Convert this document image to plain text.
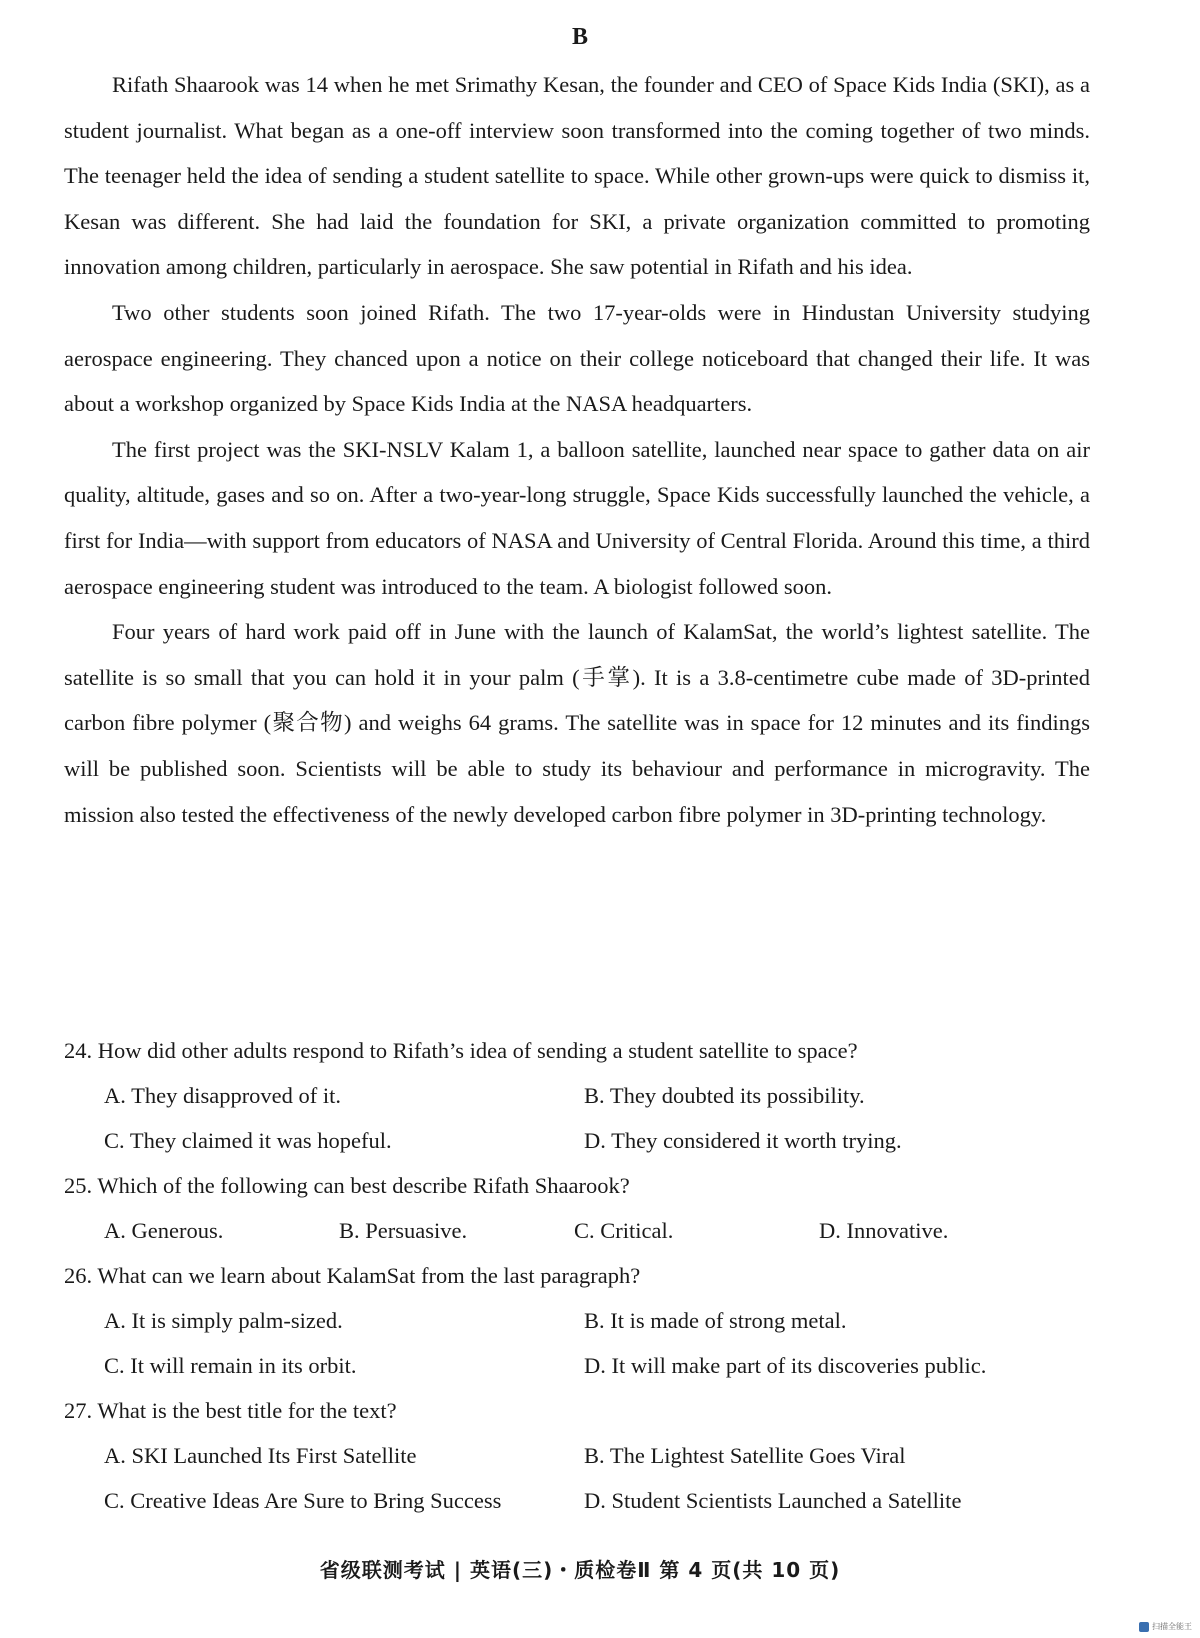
B

Rifath Shaarook was 14 when he met Srimathy Kesan, the founder and CEO of Space Kids India (SKI), as a student journalist. What began as a one-off interview soon transformed into the coming together of two minds. The teenager held the idea of sending a student satellite to space. While other grown-ups were quick to dismiss it, Kesan was different. She had laid the foundation for SKI, a private organization committed to promoting innovation among children, particularly in aerospace. She saw potential in Rifath and his idea.

Two other students soon joined Rifath. The two 17-year-olds were in Hindustan University studying aerospace engineering. They chanced upon a notice on their college noticeboard that changed their life. It was about a workshop organized by Space Kids India at the NASA headquarters.

The first project was the SKI-NSLV Kalam 1, a balloon satellite, launched near space to gather data on air quality, altitude, gases and so on. After a two-year-long struggle, Space Kids successfully launched the vehicle, a first for India—with support from educators of NASA and University of Central Florida. Around this time, a third aerospace engineering student was introduced to the team. A biologist followed soon.

Four years of hard work paid off in June with the launch of KalamSat, the world’s lightest satellite. The satellite is so small that you can hold it in your palm (手掌). It is a 3.8-centimetre cube made of 3D-printed carbon fibre polymer (聚合物) and weighs 64 grams. The satellite was in space for 12 minutes and its findings will be published soon. Scientists will be able to study its behaviour and performance in microgravity. The mission also tested the effectiveness of the newly developed carbon fibre polymer in 3D-printing technology.

24. How did other adults respond to Rifath’s idea of sending a student satellite to space?

A. They disapproved of it.	B. They doubted its possibility.
C. They claimed it was hopeful.	D. They considered it worth trying.

25. Which of the following can best describe Rifath Shaarook?

A. Generous.	B. Persuasive.	C. Critical.	D. Innovative.

26. What can we learn about KalamSat from the last paragraph?

A. It is simply palm-sized.	B. It is made of strong metal.
C. It will remain in its orbit.	D. It will make part of its discoveries public.

27. What is the best title for the text?

A. SKI Launched Its First Satellite	B. The Lightest Satellite Goes Viral
C. Creative Ideas Are Sure to Bring Success	D. Student Scientists Launched a Satellite
省级联测考试 | 英语(三)・质检卷Ⅱ 第 4 页(共 10 页)
扫描全能王
